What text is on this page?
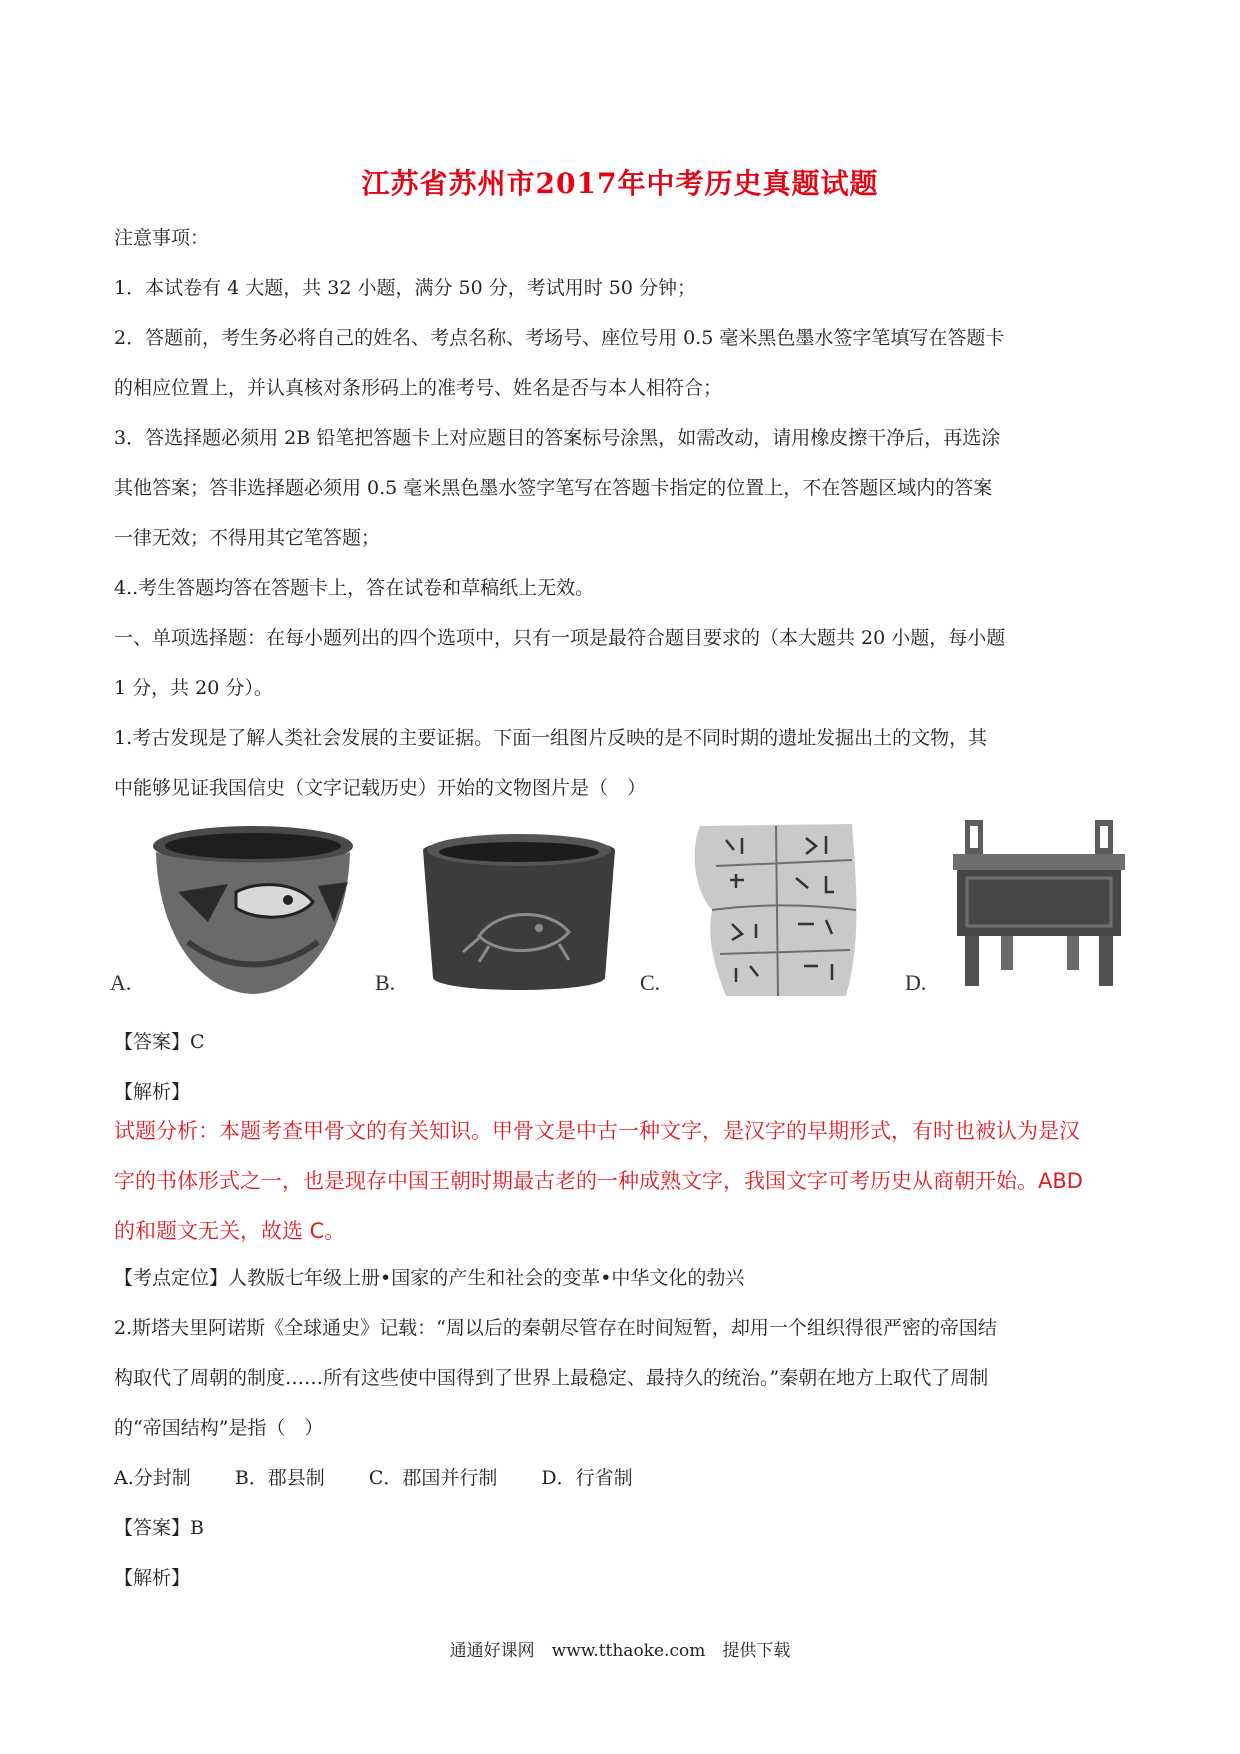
江苏省苏州市2017年中考历史真题试题
注意事项：
1．本试卷有 4 大题，共 32 小题，满分 50 分，考试用时 50 分钟；
2．答题前，考生务必将自己的姓名、考点名称、考场号、座位号用 0.5 毫米黑色墨水签字笔填写在答题卡
的相应位置上，并认真核对条形码上的准考号、姓名是否与本人相符合；
3．答选择题必须用 2B 铅笔把答题卡上对应题目的答案标号涂黑，如需改动，请用橡皮擦干净后，再选涂
其他答案；答非选择题必须用 0.5 毫米黑色墨水签字笔写在答题卡指定的位置上，不在答题区域内的答案
一律无效；不得用其它笔答题；
4..考生答题均答在答题卡上，答在试卷和草稿纸上无效。
一、单项选择题：在每小题列出的四个选项中，只有一项是最符合题目要求的（本大题共 20 小题，每小题
1 分，共 20 分）。
1.考古发现是了解人类社会发展的主要证据。下面一组图片反映的是不同时期的遗址发掘出土的文物，其
中能够见证我国信史（文字记载历史）开始的文物图片是（　）
A.	B.	C.	D.
【答案】C
【解析】
试题分析：本题考查甲骨文的有关知识。甲骨文是中古一种文字，是汉字的早期形式，有时也被认为是汉
字的书体形式之一，也是现存中国王朝时期最古老的一种成熟文字，我国文字可考历史从商朝开始。ABD
的和题文无关，故选 C。
【考点定位】人教版七年级上册•国家的产生和社会的变革•中华文化的勃兴
2.斯塔夫里阿诺斯《全球通史》记载：“周以后的秦朝尽管存在时间短暂，却用一个组织得很严密的帝国结
构取代了周朝的制度……所有这些使中国得到了世界上最稳定、最持久的统治。”秦朝在地方上取代了周制
的“帝国结构”是指（　）
A.分封制 B．郡县制 C．郡国并行制 D．行省制
【答案】B
【解析】
通通好课网　www.tthaoke.com　提供下载
